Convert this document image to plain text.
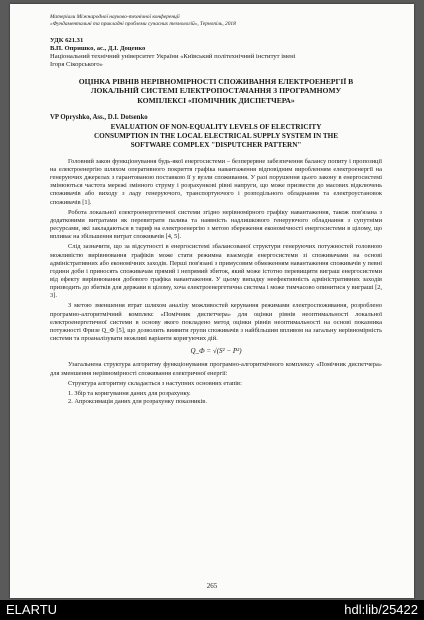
Матеріали Міжнародної науково-технічної конференції
«Фундаментальні та прикладні проблеми сучасних технологій», Тернопіль, 2018
УДК 621.31
В.П. Опришко, ас., Д.І. Доценко
Національний технічний університет України «Київський політехнічний інститут імені
Ігоря Сікорського»
ОЦІНКА РІВНІВ НЕРІВНОМІРНОСТІ СПОЖИВАННЯ ЕЛЕКТРОЕНЕРГІЇ В
ЛОКАЛЬНІЙ СИСТЕМІ ЕЛЕКТРОПОСТАЧАННЯ З ПРОГРАМНОМУ
КОМПЛЕКСІ «ПОМІЧНИК ДИСПЕТЧЕРА»
VP Opryshko, Ass., D.I. Dotsenko
EVALUATION OF NON-EQUALITY LEVELS OF ELECTRICITY
CONSUMPTION IN THE LOCAL ELECTRICAL SUPPLY SYSTEM IN THE
SOFTWARE COMPLEX "DISPUTCHER PATTERN"

Головний закон функціонування будь-якої енергосистеми – безперервне забезпечення балансу попиту і пропозиції на електроенергію шляхом оперативного покриття графіка навантаження відповідним виробленням електроенергії на генеруючих джерелах з гарантованою поставкою її у вузли споживання. У разі порушення цього закону в енергосистемі змінюються частота мережі змінного струму і розрахункові рівні напруги, що може призвести до масових відключень споживачів або виходу з ладу генеруючого, транспортуючого і розподільного обладнання та електроустановок споживачів [1].

Робота локальної електроенергетичної системи згідно нерівномірного графіку навантаження, також пов'язана з додатковими витратами як перевитрати палива та наявність надлишкового генеруючого обладнання з супутніми ресурсами, які закладаються в тариф на електроенергію з метою збереження економічності енергосистеми в цілому, що впливає на збільшення витрат споживачів [4, 5].

Слід зазначити, що за відсутності в енергосистемі збалансованої структури генеруючих потужностей головною можливістю вирівнювання графіків може стати режимна взаємодія енергосистеми зі споживачами на основі адміністративних або економічних заходів. Перші пов'язані з примусовим обмеженням навантаження споживачів у певні години доби і приносять споживачам прямий і непрямий збиток, який може істотно перевищити виграш енергосистеми від ефекту вирівнювання добового графіка навантаження. У цьому випадку неефективність адміністративних заходів призводить до збитків для держави в цілому, хоча електроенергетична система і може тимчасово опинитися у виграші [2, 3].

З метою зменшення втрат шляхом аналізу можливостей керування режимами електроспоживання, розроблено програмно-алгоритмічний комплекс «Помічник диспетчера» для оцінки рівнів неоптимальності локальної електроенергетичної системи в основу якого покладено метод оцінки рівнів неоптимальності на основі показника потужності Фризе Q_Ф [5], що дозволить виявити групи споживачів з найбільшим впливом на загальну нерівномірність системи та проаналізувати можливі варіанти коригуючих дій.

Q_Ф = √(S² − P²)

Узагальнена структура алгоритму функціонування програмно-алгоритмічного комплексу «Помічник диспетчера» для зменшення нерівномірності споживання електричної енергії:

Структура алгоритму складається з наступних основних етапів:

1. Збір та коригування даних для розрахунку.
2. Апроксимація даних для розрахунку показників.
265
ELARTU	hdl:lib/25422
